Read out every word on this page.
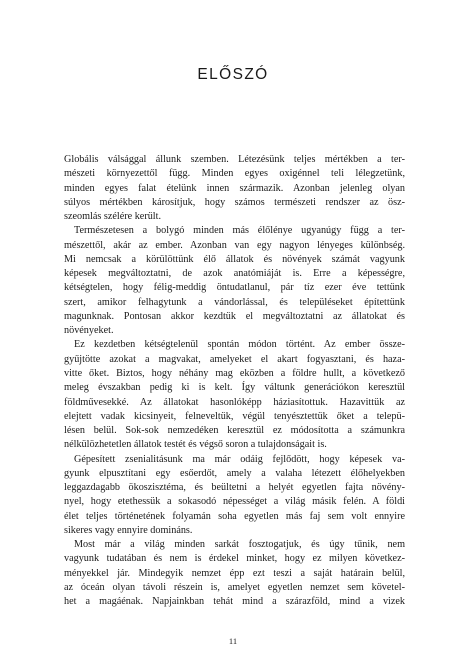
ELŐSZÓ
Globális válsággal állunk szemben. Létezésünk teljes mértékben a ter-
mészeti környezettől függ. Minden egyes oxigénnel teli lélegzetünk,
minden egyes falat ételünk innen származik. Azonban jelenleg olyan
súlyos mértékben károsítjuk, hogy számos természeti rendszer az ösz-
szeomlás szélére került.
Természetesen a bolygó minden más élőlénye ugyanúgy függ a ter-
mészettől, akár az ember. Azonban van egy nagyon lényeges különbség.
Mi nemcsak a körülöttünk élő állatok és növények számát vagyunk
képesek megváltoztatni, de azok anatómiáját is. Erre a képességre,
kétségtelen, hogy félig-meddig öntudatlanul, pár tíz ezer éve tettünk
szert, amikor felhagytunk a vándorlással, és településeket építettünk
magunknak. Pontosan akkor kezdtük el megváltoztatni az állatokat és
növényeket.
Ez kezdetben kétségtelenül spontán módon történt. Az ember össze-
gyűjtötte azokat a magvakat, amelyeket el akart fogyasztani, és haza-
vitte őket. Biztos, hogy néhány mag eközben a földre hullt, a következő
meleg évszakban pedig ki is kelt. Így váltunk generációkon keresztül
földművesekké. Az állatokat hasonlóképp háziasítottuk. Hazavittük az
elejtett vadak kicsinyeit, felneveltük, végül tenyésztettük őket a telepü-
lésen belül. Sok-sok nemzedéken keresztül ez módosította a számunkra
nélkülözhetetlen állatok testét és végső soron a tulajdonságait is.
Gépesített zsenialitásunk ma már odáig fejlődött, hogy képesek va-
gyunk elpusztítani egy esőerdőt, amely a valaha létezett élőhelyekben
leggazdagabb ökoszisztéma, és beültetni a helyét egyetlen fajta növény-
nyel, hogy etethessük a sokasodó népességet a világ másik felén. A földi
élet teljes történetének folyamán soha egyetlen más faj sem volt ennyire
sikeres vagy ennyire domináns.
Most már a világ minden sarkát fosztogatjuk, és úgy tűnik, nem
vagyunk tudatában és nem is érdekel minket, hogy ez milyen következ-
ményekkel jár. Mindegyik nemzet épp ezt teszi a saját határain belül,
az óceán olyan távoli részein is, amelyet egyetlen nemzet sem követel-
het a magáénak. Napjainkban tehát mind a szárazföld, mind a vizek
11
